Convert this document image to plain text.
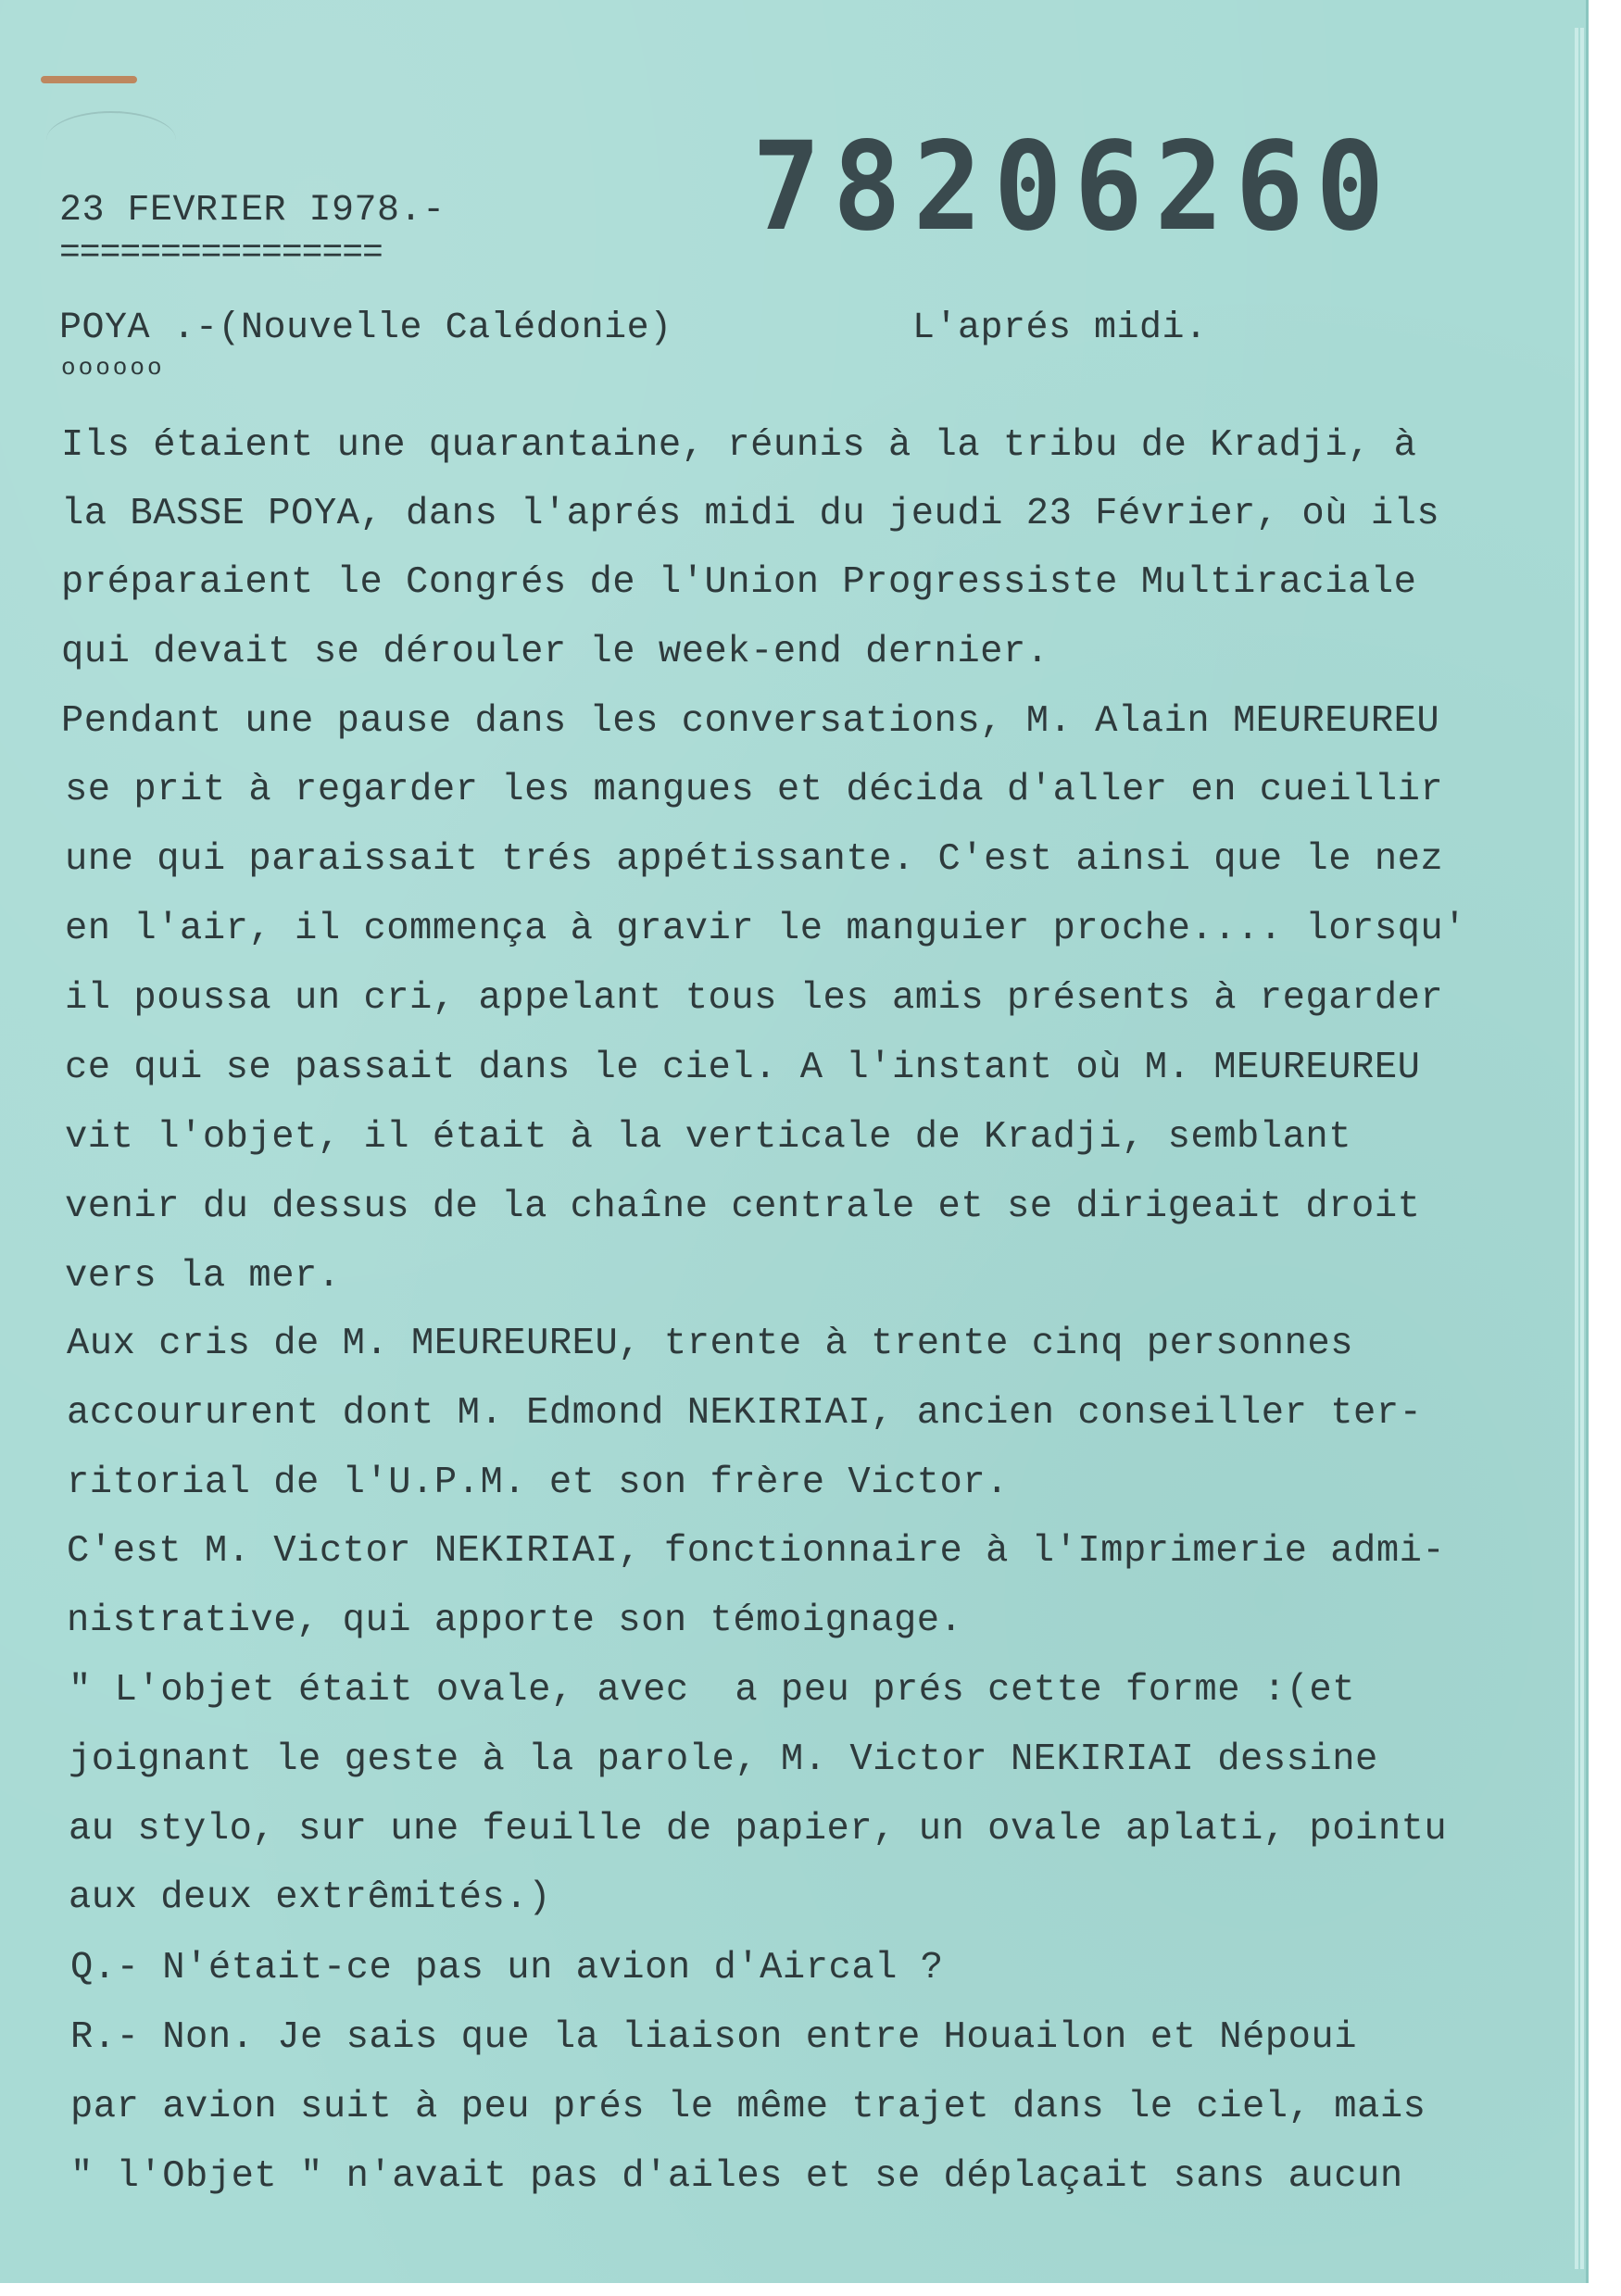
23 FEVRIER I978.-
================	78206260
POYA .-(Nouvelle Calédonie)
oooooo
L'aprés midi.
Ils étaient une quarantaine, réunis à la tribu de Kradji, à
la BASSE POYA, dans l'aprés midi du jeudi 23 Février, où ils
préparaient le Congrés de l'Union Progressiste Multiraciale
qui devait se dérouler le week-end dernier.
Pendant une pause dans les conversations, M. Alain MEUREUREU
se prit à regarder les mangues et décida d'aller en cueillir
une qui paraissait trés appétissante. C'est ainsi que le nez
en l'air, il commença à gravir le manguier proche.... lorsqu'
il poussa un cri, appelant tous les amis présents à regarder
ce qui se passait dans le ciel. A l'instant où M. MEUREUREU
vit l'objet, il était à la verticale de Kradji, semblant
venir du dessus de la chaîne centrale et se dirigeait droit
vers la mer.
Aux cris de M. MEUREUREU, trente à trente cinq personnes
accoururent dont M. Edmond NEKIRIAI, ancien conseiller ter-
ritorial de l'U.P.M. et son frère Victor.
C'est M. Victor NEKIRIAI, fonctionnaire à l'Imprimerie admi-
nistrative, qui apporte son témoignage.
" L'objet était ovale, avec  a peu prés cette forme :(et
joignant le geste à la parole, M. Victor NEKIRIAI dessine
au stylo, sur une feuille de papier, un ovale aplati, pointu
aux deux extrêmités.)
Q.- N'était-ce pas un avion d'Aircal ?
R.- Non. Je sais que la liaison entre Houailon et Népoui
par avion suit à peu prés le même trajet dans le ciel, mais
" l'Objet " n'avait pas d'ailes et se déplaçait sans aucun
